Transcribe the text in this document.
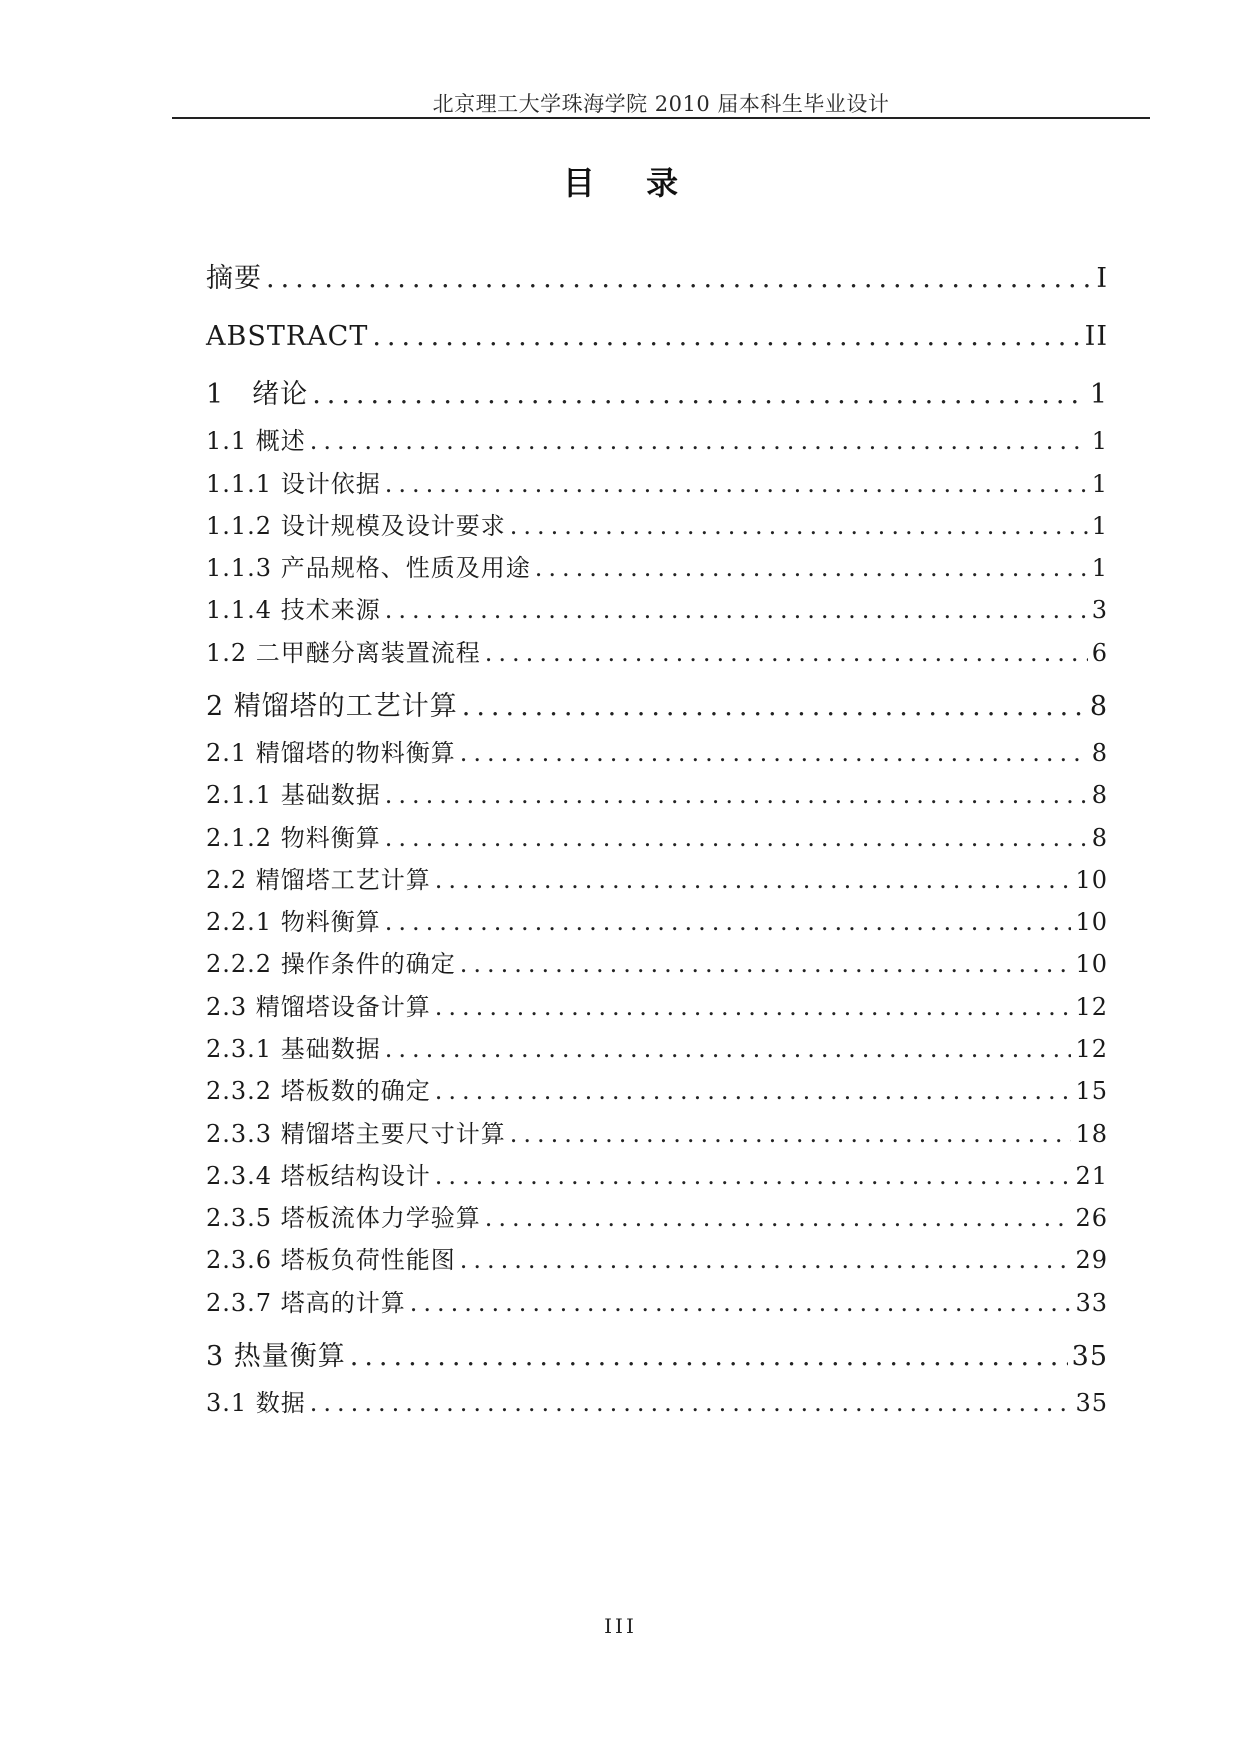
北京理工大学珠海学院 2010 届本科生毕业设计
目 录
摘要 .....	I
ABSTRACT .....	II
1　绪论 .....	1
1.1 概述 .....	1
1.1.1 设计依据 .....	1
1.1.2 设计规模及设计要求 .....	1
1.1.3 产品规格、性质及用途 .....	1
1.1.4 技术来源 .....	3
1.2 二甲醚分离装置流程 .....	6
2 精馏塔的工艺计算 .....	8
2.1 精馏塔的物料衡算 .....	8
2.1.1 基础数据 .....	8
2.1.2 物料衡算 .....	8
2.2 精馏塔工艺计算 .....	10
2.2.1 物料衡算 .....	10
2.2.2 操作条件的确定 .....	10
2.3 精馏塔设备计算 .....	12
2.3.1 基础数据 .....	12
2.3.2 塔板数的确定 .....	15
2.3.3 精馏塔主要尺寸计算 .....	18
2.3.4 塔板结构设计 .....	21
2.3.5 塔板流体力学验算 .....	26
2.3.6 塔板负荷性能图 .....	29
2.3.7 塔高的计算 .....	33
3 热量衡算 .....	35
3.1 数据 .....	35
III
